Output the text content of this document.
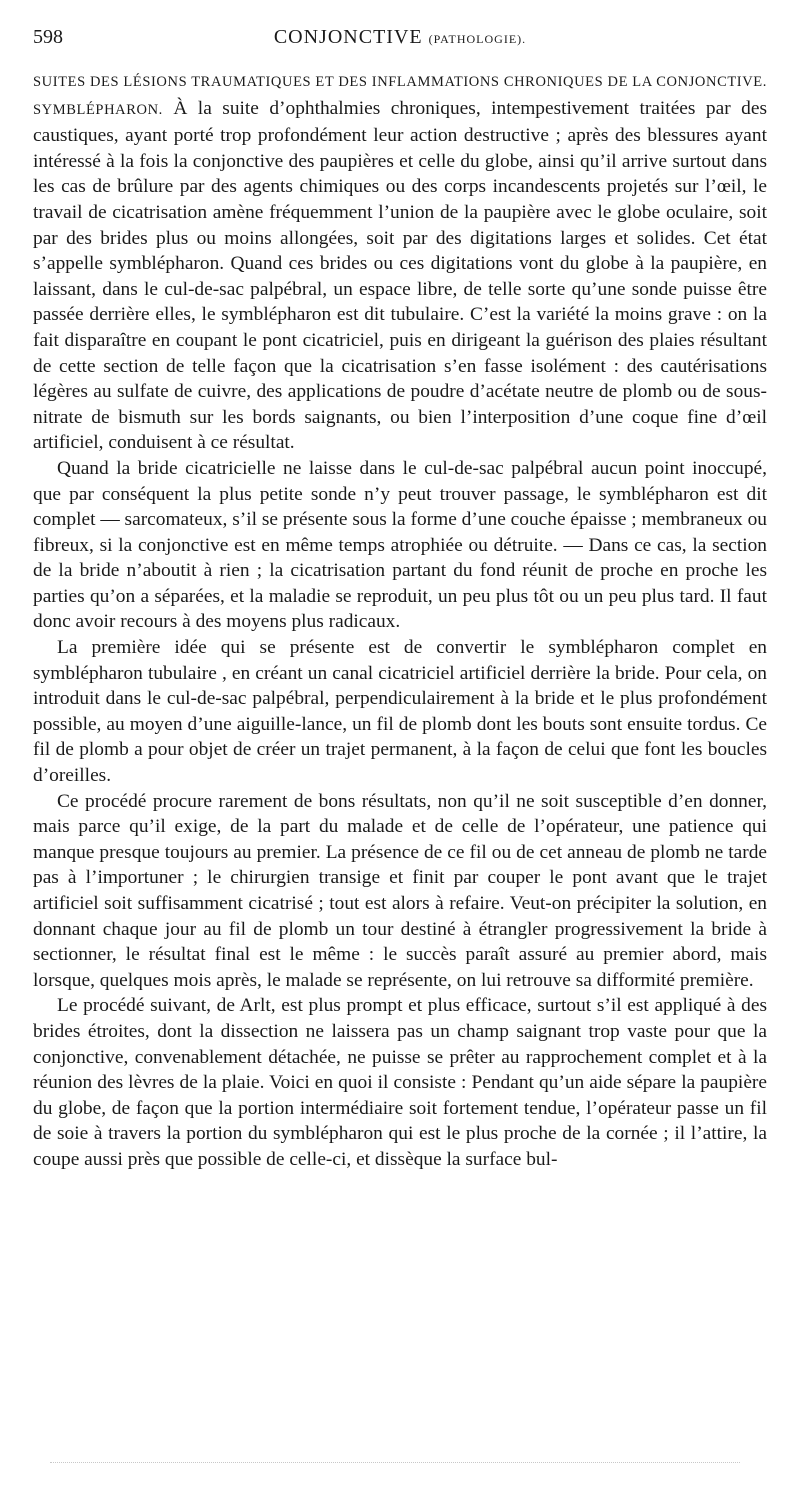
598	CONJONCTIVE (PATHOLOGIE).

SUITES DES LÉSIONS TRAUMATIQUES ET DES INFLAMMATIONS CHRONIQUES DE LA CONJONCTIVE. SYMBLÉPHARON. À la suite d’ophthalmies chroniques, intempestivement traitées par des caustiques, ayant porté trop profondément leur action destructive ; après des blessures ayant intéressé à la fois la conjonctive des paupières et celle du globe, ainsi qu’il arrive surtout dans les cas de brûlure par des agents chimiques ou des corps incandescents projetés sur l’œil, le travail de cicatrisation amène fréquemment l’union de la paupière avec le globe oculaire, soit par des brides plus ou moins allongées, soit par des digitations larges et solides. Cet état s’appelle symblépharon. Quand ces brides ou ces digitations vont du globe à la paupière, en laissant, dans le cul-de-sac palpébral, un espace libre, de telle sorte qu’une sonde puisse être passée derrière elles, le symblépharon est dit tubulaire. C’est la variété la moins grave : on la fait disparaître en coupant le pont cicatriciel, puis en dirigeant la guérison des plaies résultant de cette section de telle façon que la cicatrisation s’en fasse isolément : des cautérisations légères au sulfate de cuivre, des applications de poudre d’acétate neutre de plomb ou de sous-nitrate de bismuth sur les bords saignants, ou bien l’interposition d’une coque fine d’œil artificiel, conduisent à ce résultat.

Quand la bride cicatricielle ne laisse dans le cul-de-sac palpébral aucun point inoccupé, que par conséquent la plus petite sonde n’y peut trouver passage, le symblépharon est dit complet — sarcomateux, s’il se présente sous la forme d’une couche épaisse ; membraneux ou fibreux, si la conjonctive est en même temps atrophiée ou détruite. — Dans ce cas, la section de la bride n’aboutit à rien ; la cicatrisation partant du fond réunit de proche en proche les parties qu’on a séparées, et la maladie se reproduit, un peu plus tôt ou un peu plus tard. Il faut donc avoir recours à des moyens plus radicaux.

La première idée qui se présente est de convertir le symblépharon complet en symblépharon tubulaire , en créant un canal cicatriciel artificiel derrière la bride. Pour cela, on introduit dans le cul-de-sac palpébral, perpendiculairement à la bride et le plus profondément possible, au moyen d’une aiguille-lance, un fil de plomb dont les bouts sont ensuite tordus. Ce fil de plomb a pour objet de créer un trajet permanent, à la façon de celui que font les boucles d’oreilles.

Ce procédé procure rarement de bons résultats, non qu’il ne soit susceptible d’en donner, mais parce qu’il exige, de la part du malade et de celle de l’opérateur, une patience qui manque presque toujours au premier. La présence de ce fil ou de cet anneau de plomb ne tarde pas à l’importuner ; le chirurgien transige et finit par couper le pont avant que le trajet artificiel soit suffisamment cicatrisé ; tout est alors à refaire. Veut-on précipiter la solution, en donnant chaque jour au fil de plomb un tour destiné à étrangler progressivement la bride à sectionner, le résultat final est le même : le succès paraît assuré au premier abord, mais lorsque, quelques mois après, le malade se représente, on lui retrouve sa difformité première.

Le procédé suivant, de Arlt, est plus prompt et plus efficace, surtout s’il est appliqué à des brides étroites, dont la dissection ne laissera pas un champ saignant trop vaste pour que la conjonctive, convenablement détachée, ne puisse se prêter au rapprochement complet et à la réunion des lèvres de la plaie. Voici en quoi il consiste : Pendant qu’un aide sépare la paupière du globe, de façon que la portion intermédiaire soit fortement tendue, l’opérateur passe un fil de soie à travers la portion du symblépharon qui est le plus proche de la cornée ; il l’attire, la coupe aussi près que possible de celle-ci, et dissèque la surface bul-
